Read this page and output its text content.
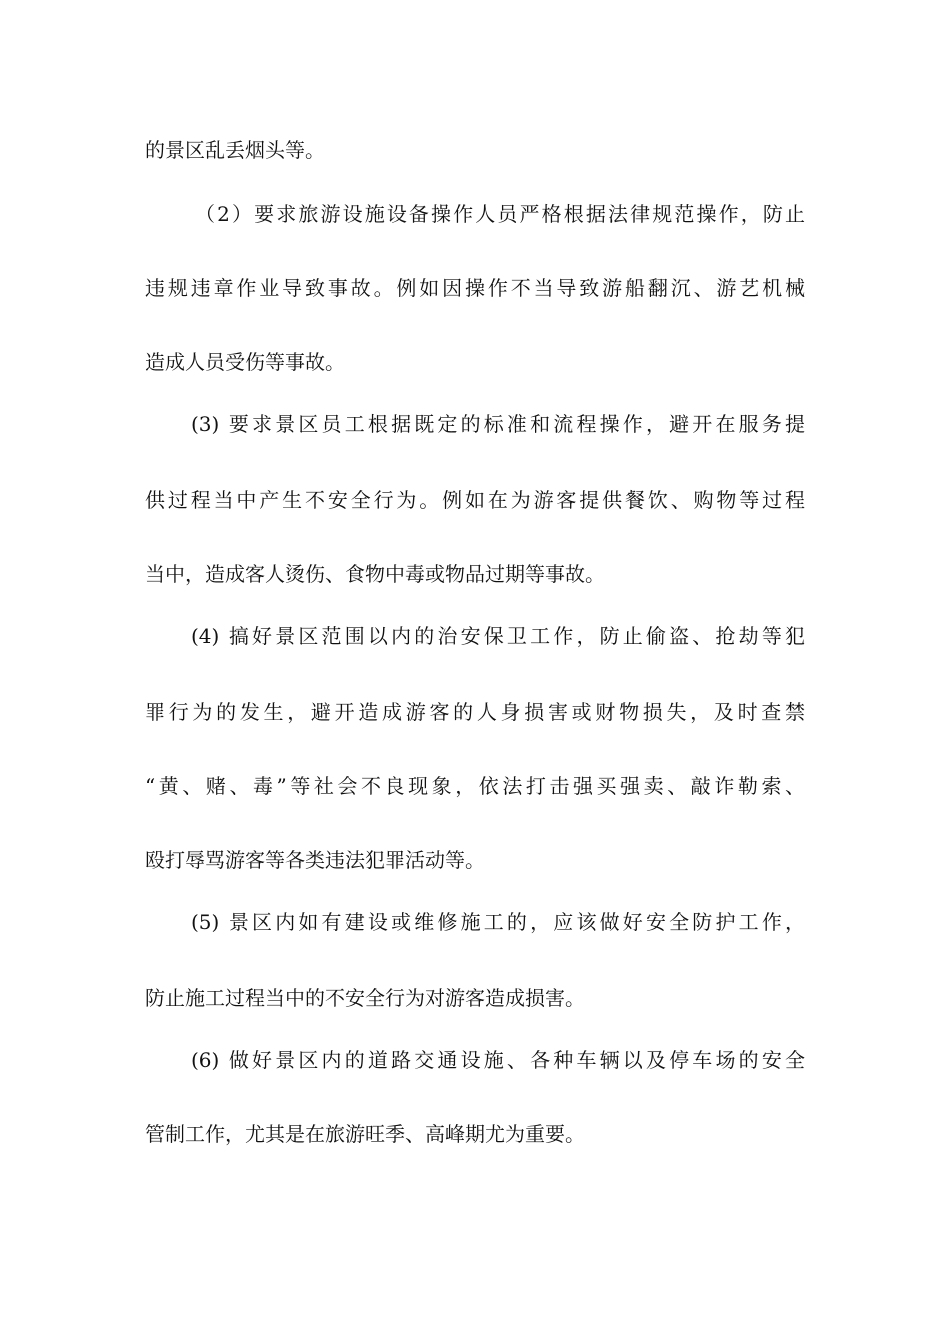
的景区乱丢烟头等。
（2）要求旅游设施设备操作人员严格根据法律规范操作，防止
违规违章作业导致事故。例如因操作不当导致游船翻沉、游艺机械
造成人员受伤等事故。
(3) 要求景区员工根据既定的标准和流程操作，避开在服务提
供过程当中产生不安全行为。例如在为游客提供餐饮、购物等过程
当中，造成客人烫伤、食物中毒或物品过期等事故。
(4) 搞好景区范围以内的治安保卫工作，防止偷盗、抢劫等犯
罪行为的发生，避开造成游客的人身损害或财物损失，及时查禁
“黄、赌、毒”等社会不良现象，依法打击强买强卖、敲诈勒索、
殴打辱骂游客等各类违法犯罪活动等。
(5) 景区内如有建设或维修施工的，应该做好安全防护工作，
防止施工过程当中的不安全行为对游客造成损害。
(6) 做好景区内的道路交通设施、各种车辆以及停车场的安全
管制工作，尤其是在旅游旺季、高峰期尤为重要。
